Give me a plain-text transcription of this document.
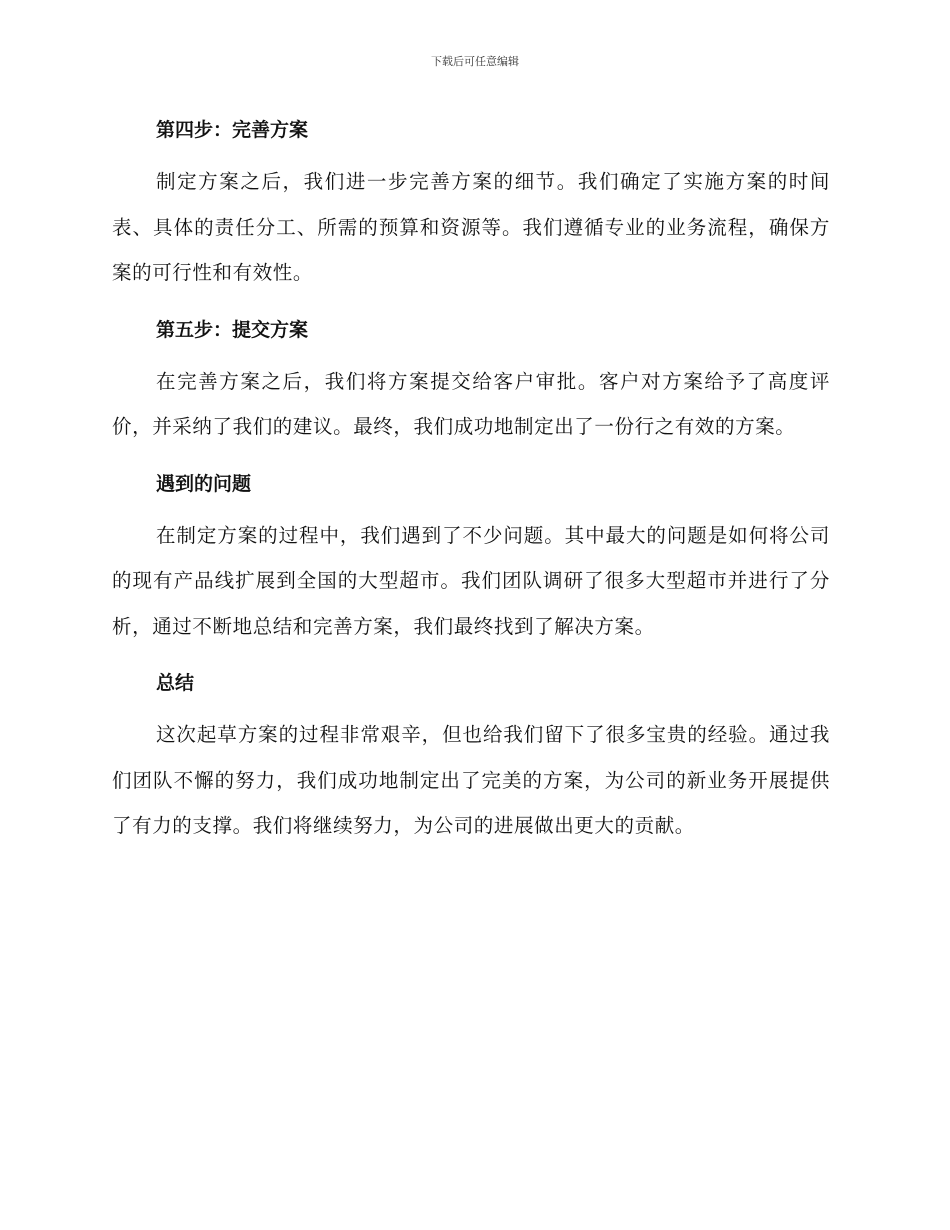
下载后可任意编辑
第四步：完善方案
制定方案之后，我们进一步完善方案的细节。我们确定了实施方案的时间表、具体的责任分工、所需的预算和资源等。我们遵循专业的业务流程，确保方案的可行性和有效性。
第五步：提交方案
在完善方案之后，我们将方案提交给客户审批。客户对方案给予了高度评价，并采纳了我们的建议。最终，我们成功地制定出了一份行之有效的方案。
遇到的问题
在制定方案的过程中，我们遇到了不少问题。其中最大的问题是如何将公司的现有产品线扩展到全国的大型超市。我们团队调研了很多大型超市并进行了分析，通过不断地总结和完善方案，我们最终找到了解决方案。
总结
这次起草方案的过程非常艰辛，但也给我们留下了很多宝贵的经验。通过我们团队不懈的努力，我们成功地制定出了完美的方案，为公司的新业务开展提供了有力的支撑。我们将继续努力，为公司的进展做出更大的贡献。
